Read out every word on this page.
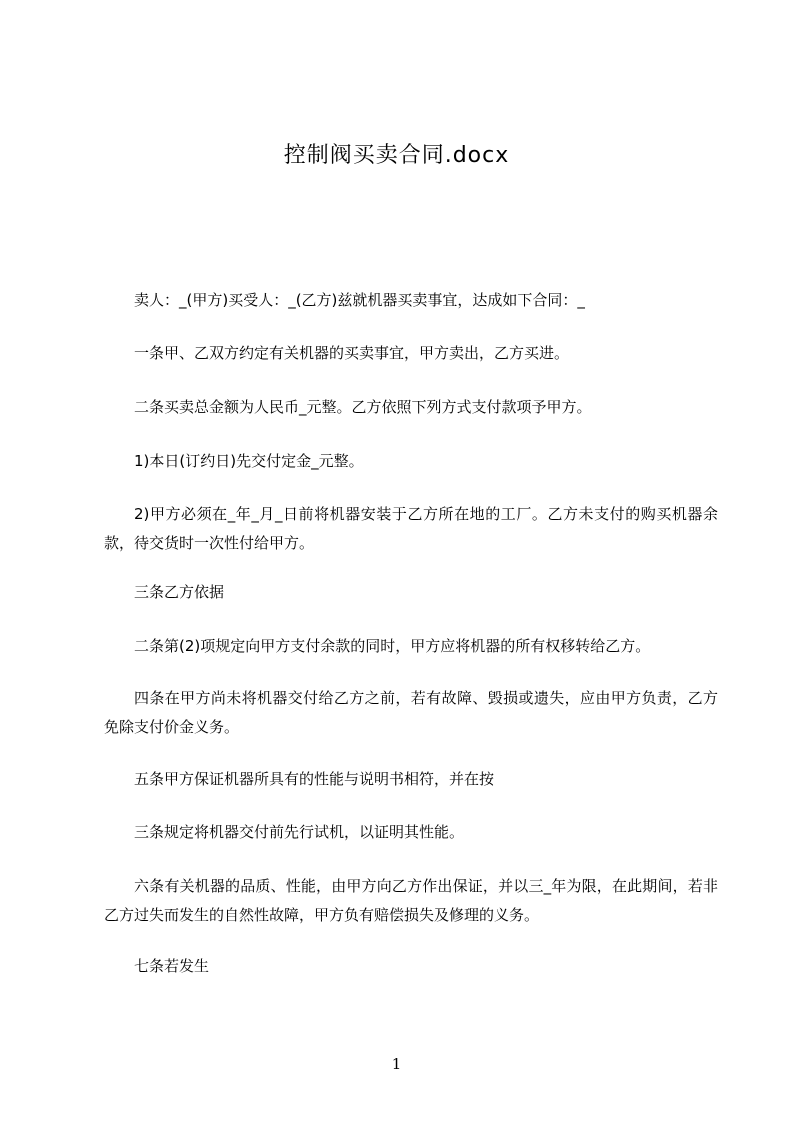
控制阀买卖合同.docx
卖人：_(甲方)买受人：_(乙方)兹就机器买卖事宜，达成如下合同：_
一条甲、乙双方约定有关机器的买卖事宜，甲方卖出，乙方买进。
二条买卖总金额为人民币_元整。乙方依照下列方式支付款项予甲方。
1)本日(订约日)先交付定金_元整。
2)甲方必须在_年_月_日前将机器安装于乙方所在地的工厂。乙方未支付的购买机器余款，待交货时一次性付给甲方。
三条乙方依据
二条第(2)项规定向甲方支付余款的同时，甲方应将机器的所有权移转给乙方。
四条在甲方尚未将机器交付给乙方之前，若有故障、毁损或遗失，应由甲方负责，乙方免除支付价金义务。
五条甲方保证机器所具有的性能与说明书相符，并在按
三条规定将机器交付前先行试机，以证明其性能。
六条有关机器的品质、性能，由甲方向乙方作出保证，并以三_年为限，在此期间，若非乙方过失而发生的自然性故障，甲方负有赔偿损失及修理的义务。
七条若发生
1
